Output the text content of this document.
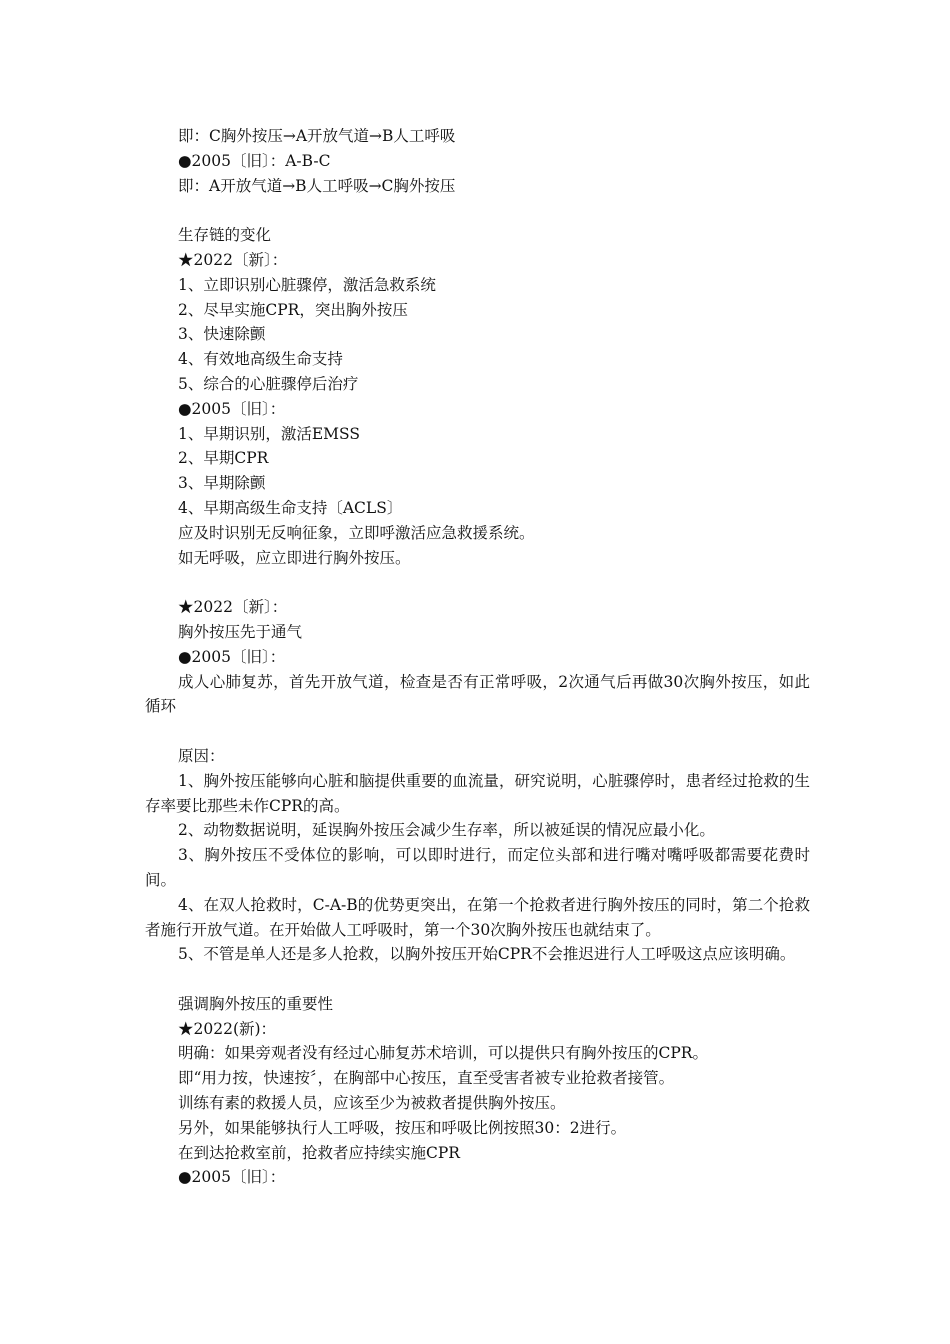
即：C胸外按压→A开放气道→B人工呼吸
●2005〔旧〕：A-B-C
即：A开放气道→B人工呼吸→C胸外按压
生存链的变化
★2022〔新〕：
1、立即识别心脏骤停，激活急救系统
2、尽早实施CPR，突出胸外按压
3、快速除颤
4、有效地高级生命支持
5、综合的心脏骤停后治疗
●2005〔旧〕：
1、早期识别，激活EMSS
2、早期CPR
3、早期除颤
4、早期高级生命支持〔ACLS〕
应及时识别无反响征象，立即呼激活应急救援系统。
如无呼吸，应立即进行胸外按压。
★2022〔新〕：
胸外按压先于通气
●2005〔旧〕：
成人心肺复苏，首先开放气道，检查是否有正常呼吸，2次通气后再做30次胸外按压，如此循环
原因：
1、胸外按压能够向心脏和脑提供重要的血流量，研究说明，心脏骤停时，患者经过抢救的生存率要比那些未作CPR的高。
2、动物数据说明，延误胸外按压会减少生存率，所以被延误的情况应最小化。
3、胸外按压不受体位的影响，可以即时进行，而定位头部和进行嘴对嘴呼吸都需要花费时间。
4、在双人抢救时，C-A-B的优势更突出，在第一个抢救者进行胸外按压的同时，第二个抢救者施行开放气道。在开始做人工呼吸时，第一个30次胸外按压也就结束了。
5、不管是单人还是多人抢救，以胸外按压开始CPR不会推迟进行人工呼吸这点应该明确。
强调胸外按压的重要性
★2022(新)：
明确：如果旁观者没有经过心肺复苏术培训，可以提供只有胸外按压的CPR。
即“用力按，快速按〞，在胸部中心按压，直至受害者被专业抢救者接管。
训练有素的救援人员，应该至少为被救者提供胸外按压。
另外，如果能够执行人工呼吸，按压和呼吸比例按照30：2进行。
在到达抢救室前，抢救者应持续实施CPR
●2005〔旧〕：
